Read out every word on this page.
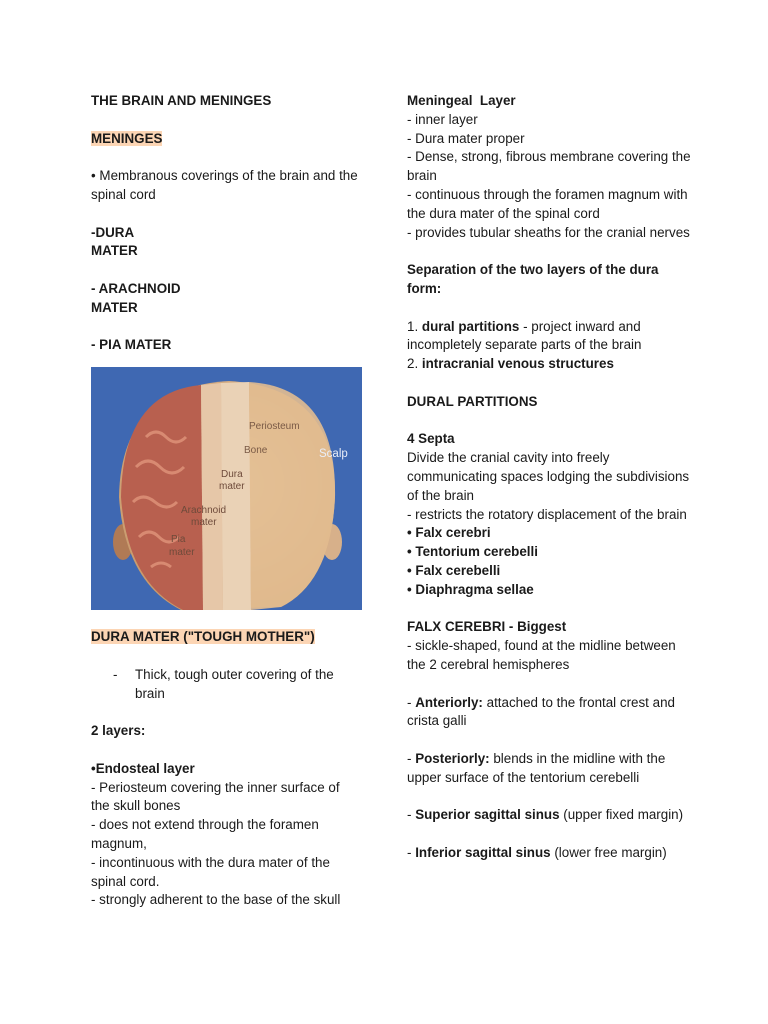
THE BRAIN AND MENINGES

MENINGES

• Membranous coverings of the brain and the spinal cord

-DURA

MATER

- ARACHNOID

MATER

- PIA MATER

Periosteum
Bone	Scalp
Dura
mater
Arachnoid
mater
Pia
mater

DURA MATER ("TOUGH MOTHER")

-	Thick, tough outer covering of the brain

2 layers:

•Endosteal layer

- Periosteum covering the inner surface of the skull bones

- does not extend through the foramen magnum,

- incontinuous with the dura mater of the spinal cord.

- strongly adherent to the base of the skull

Meningeal  Layer

- inner layer

- Dura mater proper

- Dense, strong, fibrous membrane covering the brain

- continuous through the foramen magnum with the dura mater of the spinal cord

- provides tubular sheaths for the cranial nerves

Separation of the two layers of the dura form:

1. dural partitions - project inward and incompletely separate parts of the brain

2. intracranial venous structures

DURAL PARTITIONS

4 Septa

Divide the cranial cavity into freely communicating spaces lodging the subdivisions of the brain

- restricts the rotatory displacement of the brain

• Falx cerebri

• Tentorium cerebelli

• Falx cerebelli

• Diaphragma sellae

FALX CEREBRI - Biggest

- sickle-shaped, found at the midline between the 2 cerebral hemispheres

- Anteriorly: attached to the frontal crest and crista galli

- Posteriorly: blends in the midline with the upper surface of the tentorium cerebelli

- Superior sagittal sinus (upper fixed margin)

- Inferior sagittal sinus (lower free margin)
